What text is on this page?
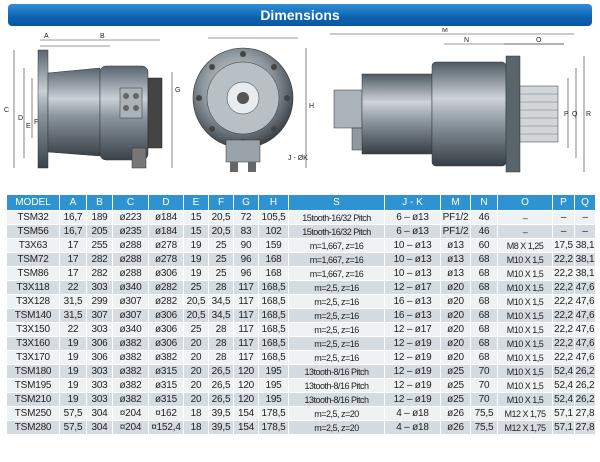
Dimensions
A	B
C
D
E
F
G
H
J - ØK
M
N	O
P Q R
MODEL	A	B	C	D	E	F	G	H	S	J - K	M	N	O	P	Q
TSM32	16,7	189	ø223	ø184	15	20,5	72	105,5	15tooth-16/32 Pitch	6 – ø13	PF1/2	46	–	–	–
TSM56	16,7	205	ø235	ø184	15	20,5	83	102	15tooth-16/32 Pitch	6 – ø13	PF1/2	46	–	–	–
T3X63	17	255	ø288	ø278	19	25	90	159	m=1,667, z=16	10 – ø13	ø13	60	M8 X 1,25	17,5	38,1
TSM72	17	282	ø288	ø278	19	25	96	168	m=1,667, z=16	10 – ø13	ø13	68	M10 X 1,5	22,2	38,1
TSM86	17	282	ø288	ø306	19	25	96	168	m=1,667, z=16	10 – ø13	ø13	68	M10 X 1,5	22,2	38,1
T3X118	22	303	ø340	ø282	25	28	117	168,5	m=2,5, z=16	12 – ø17	ø20	68	M10 X 1,5	22,2	47,6
T3X128	31,5	299	ø307	ø282	20,5	34,5	117	168,5	m=2,5, z=16	16 – ø13	ø20	68	M10 X 1,5	22,2	47,6
TSM140	31,5	307	ø307	ø306	20,5	34,5	117	168,5	m=2,5, z=16	16 – ø13	ø20	68	M10 X 1,5	22,2	47,6
T3X150	22	303	ø340	ø306	25	28	117	168,5	m=2,5, z=16	12 – ø17	ø20	68	M10 X 1,5	22,2	47,6
T3X160	19	306	ø382	ø306	20	28	117	168,5	m=2,5, z=16	12 – ø19	ø20	68	M10 X 1,5	22,2	47,6
T3X170	19	306	ø382	ø382	20	28	117	168,5	m=2,5, z=16	12 – ø19	ø20	68	M10 X 1,5	22,2	47,6
TSM180	19	303	ø382	ø315	20	26,5	120	195	13tooth-8/16 Pitch	12 – ø19	ø25	70	M10 X 1,5	52,4	26,2
TSM195	19	303	ø382	ø315	20	26,5	120	195	13tooth-8/16 Pitch	12 – ø19	ø25	70	M10 X 1,5	52,4	26,2
TSM210	19	303	ø382	ø315	20	26,5	120	195	13tooth-8/16 Pitch	12 – ø19	ø25	70	M10 X 1,5	52,4	26,2
TSM250	57,5	304	¤204	¤162	18	39,5	154	178,5	m=2,5, z=20	4 – ø18	ø26	75,5	M12 X 1,75	57,1	27,8
TSM280	57,5	304	¤204	¤152,4	18	39,5	154	178,5	m=2,5, z=20	4 – ø18	ø26	75,5	M12 X 1,75	57,1	27,8
